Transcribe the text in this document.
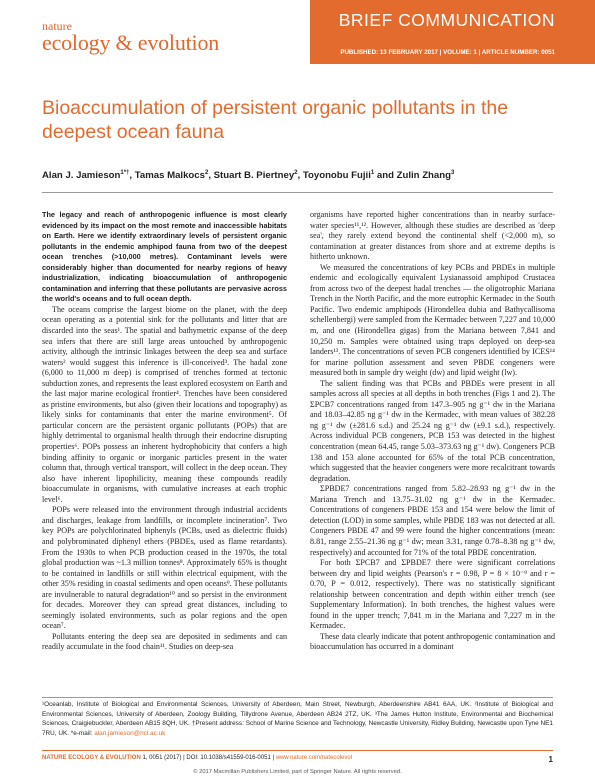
nature
ecology & evolution
BRIEF COMMUNICATION
PUBLISHED: 13 FEBRUARY 2017 | VOLUME: 1 | ARTICLE NUMBER: 0051
Bioaccumulation of persistent organic pollutants in the deepest ocean fauna
Alan J. Jamieson$^{1*\dagger}$, Tamas Malkocs$^2$, Stuart B. Piertney$^2$, Toyonobu Fujii$^1$ and Zulin Zhang$^3$

The legacy and reach of anthropogenic influence is most clearly evidenced by its impact on the most remote and inaccessible habitats on Earth. Here we identify extraordinary levels of persistent organic pollutants in the endemic amphipod fauna from two of the deepest ocean trenches (>10,000 metres). Contaminant levels were considerably higher than documented for nearby regions of heavy industrialization, indicating bioaccumulation of anthropogenic contamination and inferring that these pollutants are pervasive across the world's oceans and to full ocean depth.

The oceans comprise the largest biome on the planet, with the deep ocean operating as a potential sink for the pollutants and litter that are discarded into the seas¹. The spatial and bathymetric expanse of the deep sea infers that there are still large areas untouched by anthropogenic activity, although the intrinsic linkages between the deep sea and surface waters² would suggest this inference is ill-conceived³. The hadal zone (6,000 to 11,000 m deep) is comprised of trenches formed at tectonic subduction zones, and represents the least explored ecosystem on Earth and the last major marine ecological frontier⁴. Trenches have been considered as pristine environments, but also (given their locations and topography) as likely sinks for contaminants that enter the marine environment⁵. Of particular concern are the persistent organic pollutants (POPs) that are highly detrimental to organismal health through their endocrine disrupting properties⁶. POPs possess an inherent hydrophobicity that confers a high binding affinity to organic or inorganic particles present in the water column that, through vertical transport, will collect in the deep ocean. They also have inherent lipophilicity, meaning these compounds readily bioaccumulate in organisms, with cumulative increases at each trophic level⁶.

POPs were released into the environment through industrial accidents and discharges, leakage from landfills, or incomplete incineration⁷. Two key POPs are polychlorinated biphenyls (PCBs, used as dielectric fluids) and polybrominated diphenyl ethers (PBDEs, used as flame retardants). From the 1930s to when PCB production ceased in the 1970s, the total global production was ~1.3 million tonnes⁸. Approximately 65% is thought to be contained in landfills or still within electrical equipment, with the other 35% residing in coastal sediments and open oceans⁹. These pollutants are invulnerable to natural degradation¹⁰ and so persist in the environment for decades. Moreover they can spread great distances, including to seemingly isolated environments, such as polar regions and the open ocean⁷.

Pollutants entering the deep sea are deposited in sediments and can readily accumulate in the food chain¹¹. Studies on deep-sea

organisms have reported higher concentrations than in nearby surface-water species¹¹,¹². However, although these studies are described as 'deep sea', they rarely extend beyond the continental shelf (<2,000 m), so contamination at greater distances from shore and at extreme depths is hitherto unknown.

We measured the concentrations of key PCBs and PBDEs in multiple endemic and ecologically equivalent Lysianassoid amphipod Crustacea from across two of the deepest hadal trenches — the oligotrophic Mariana Trench in the North Pacific, and the more eutrophic Kermadec in the South Pacific. Two endemic amphipods (Hirondellea dubia and Bathycallisoma schellenbergi) were sampled from the Kermadec between 7,227 and 10,000 m, and one (Hirondellea gigas) from the Mariana between 7,841 and 10,250 m. Samples were obtained using traps deployed on deep-sea landers¹³. The concentrations of seven PCB congeners identified by ICES¹⁴ for marine pollution assessment and seven PBDE congeners were measured both in sample dry weight (dw) and lipid weight (lw).

The salient finding was that PCBs and PBDEs were present in all samples across all species at all depths in both trenches (Figs 1 and 2). The ΣPCB7 concentrations ranged from 147.3–905 ng g⁻¹ dw in the Mariana and 18.03–42.85 ng g⁻¹ dw in the Kermadec, with mean values of 382.28 ng g⁻¹ dw (±281.6 s.d.) and 25.24 ng g⁻¹ dw (±9.1 s.d.), respectively. Across individual PCB congeners, PCB 153 was detected in the highest concentration (mean 64.45, range 5.03–373.63 ng g⁻¹ dw). Congeners PCB 138 and 153 alone accounted for 65% of the total PCB concentration, which suggested that the heavier congeners were more recalcitrant towards degradation.

ΣPBDE7 concentrations ranged from 5.82–28.93 ng g⁻¹ dw in the Mariana Trench and 13.75–31.02 ng g⁻¹ dw in the Kermadec. Concentrations of congeners PBDE 153 and 154 were below the limit of detection (LOD) in some samples, while PBDE 183 was not detected at all. Congeners PBDE 47 and 99 were found the higher concentrations (mean: 8.81, range 2.55–21.36 ng g⁻¹ dw; mean 3.31, range 0.78–8.38 ng g⁻¹ dw, respectively) and accounted for 71% of the total PBDE concentration.

For both ΣPCB7 and ΣPBDE7 there were significant correlations between dry and lipid weights (Pearson's r = 0.98, P = 8 × 10⁻⁹ and r = 0.70, P = 0.012, respectively). There was no statistically significant relationship between concentration and depth within either trench (see Supplementary Information). In both trenches, the highest values were found in the upper trench; 7,841 m in the Mariana and 7,227 m in the Kermadec.

These data clearly indicate that potent anthropogenic contamination and bioaccumulation has occurred in a dominant

¹Oceanlab, Institute of Biological and Environmental Sciences, University of Aberdeen, Main Street, Newburgh, Aberdeenshire AB41 6AA, UK. ²Institute of Biological and Environmental Sciences, University of Aberdeen, Zoology Building, Tillydrone Avenue, Aberdeen AB24 2TZ, UK. ³The James Hutton Institute, Environmental and Biochemical Sciences, Craigiebuckler, Aberdeen AB15 8QH, UK. †Present address: School of Marine Science and Technology, Newcastle University, Ridley Building, Newcastle upon Tyne NE1 7RU, UK. *e-mail: alan.jamieson@ncl.ac.uk
NATURE ECOLOGY & EVOLUTION 1, 0051 (2017) | DOI: 10.1038/s41559-016-0051 | www.nature.com/natecolevol	1
© 2017 Macmillan Publishers Limited, part of Springer Nature. All rights reserved.
